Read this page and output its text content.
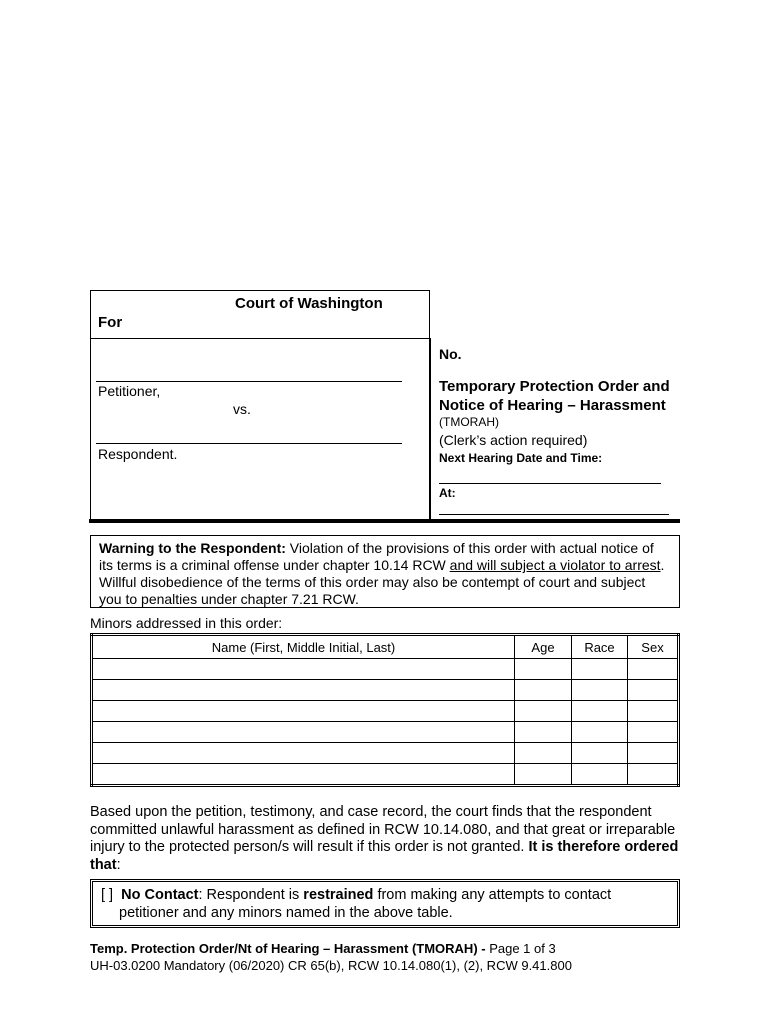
Court of Washington
For
Petitioner,
vs.
Respondent.
No.
Temporary Protection Order and
Notice of Hearing – Harassment
(TMORAH)
(Clerk’s action required)
Next Hearing Date and Time:
At:
Warning to the Respondent: Violation of the provisions of this order with actual notice of its terms is a criminal offense under chapter 10.14 RCW and will subject a violator to arrest. Willful disobedience of the terms of this order may also be contempt of court and subject you to penalties under chapter 7.21 RCW.
Minors addressed in this order:
Name (First, Middle Initial, Last)	Age	Race	Sex

Based upon the petition, testimony, and case record, the court finds that the respondent committed unlawful harassment as defined in RCW 10.14.080, and that great or irreparable injury to the protected person/s will result if this order is not granted. It is therefore ordered that:
[ ] No Contact: Respondent is restrained from making any attempts to contact petitioner and any minors named in the above table.
Temp. Protection Order/Nt of Hearing – Harassment (TMORAH) - Page 1 of 3
UH-03.0200 Mandatory (06/2020) CR 65(b), RCW 10.14.080(1), (2), RCW 9.41.800
